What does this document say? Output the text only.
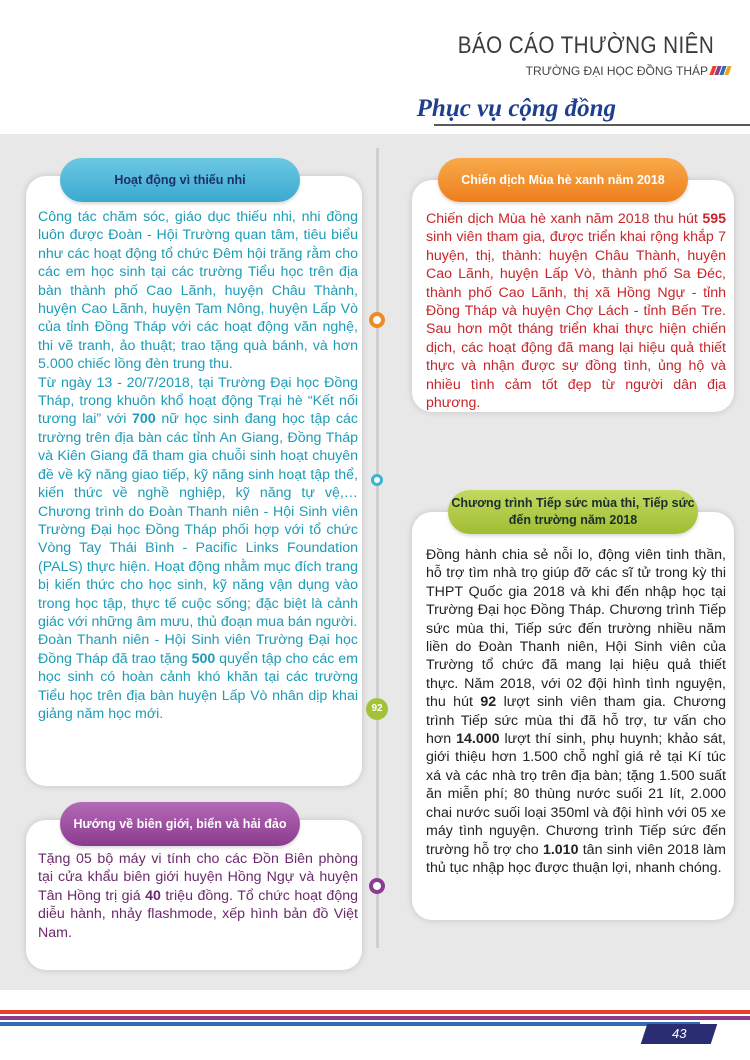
BÁO CÁO THƯỜNG NIÊN
TRƯỜNG ĐẠI HỌC ĐỒNG THÁP
Phục vụ cộng đồng
Hoạt động vì thiếu nhi

Công tác chăm sóc, giáo dục thiếu nhi, nhi đồng luôn được Đoàn - Hội Trường quan tâm, tiêu biểu như các hoạt động tổ chức Đêm hội trăng rằm cho các em học sinh tại các trường Tiểu học trên địa bàn thành phố Cao Lãnh, huyện Châu Thành, huyện Cao Lãnh, huyện Tam Nông, huyện Lấp Vò của tỉnh Đồng Tháp với các hoạt động văn nghệ, thi vẽ tranh, ảo thuật; trao tặng quà bánh, và hơn 5.000 chiếc lồng đèn trung thu.

Từ ngày 13 - 20/7/2018, tại Trường Đại học Đồng Tháp, trong khuôn khổ hoạt động Trại hè “Kết nối tương lai” với 700 nữ học sinh đang học tập các trường trên địa bàn các tỉnh An Giang, Đồng Tháp và Kiên Giang đã tham gia chuỗi sinh hoạt chuyên đề về kỹ năng giao tiếp, kỹ năng sinh hoạt tập thể, kiến thức về nghề nghiệp, kỹ năng tự vệ,… Chương trình do Đoàn Thanh niên - Hội Sinh viên Trường Đại học Đồng Tháp phối hợp với tổ chức Vòng Tay Thái Bình - Pacific Links Foundation (PALS) thực hiện. Hoạt động nhằm mục đích trang bị kiến thức cho học sinh, kỹ năng vận dụng vào trong học tập, thực tế cuộc sống; đặc biệt là cảnh giác với những âm mưu, thủ đoạn mua bán người.

Đoàn Thanh niên - Hội Sinh viên Trường Đại học Đồng Tháp đã trao tặng 500 quyển tập cho các em học sinh có hoàn cảnh khó khăn tại các trường Tiểu học trên địa bàn huyện Lấp Vò nhân dịp khai giảng năm học mới.

Hướng về biên giới, biển và hải đảo

Tặng 05 bộ máy vi tính cho các Đồn Biên phòng tại cửa khẩu biên giới huyện Hồng Ngự và huyện Tân Hồng trị giá 40 triệu đồng. Tổ chức hoạt động diễu hành, nhảy flashmode, xếp hình bản đồ Việt Nam.

Chiến dịch Mùa hè xanh năm 2018

Chiến dịch Mùa hè xanh năm 2018 thu hút 595 sinh viên tham gia, được triển khai rộng khắp 7 huyện, thị, thành: huyện Châu Thành, huyện Cao Lãnh, huyện Lấp Vò, thành phố Sa Đéc, thành phố Cao Lãnh, thị xã Hồng Ngự - tỉnh Đồng Tháp và huyện Chợ Lách - tỉnh Bến Tre. Sau hơn một tháng triển khai thực hiện chiến dịch, các hoạt động đã mang lại hiệu quả thiết thực và nhận được sự đồng tình, ủng hộ và nhiều tình cảm tốt đẹp từ người dân địa phương.

Chương trình Tiếp sức mùa thi, Tiếp sức
đến trường năm 2018

Đồng hành chia sẻ nỗi lo, động viên tinh thần, hỗ trợ tìm nhà trọ giúp đỡ các sĩ tử trong kỳ thi THPT Quốc gia 2018 và khi đến nhập học tại Trường Đại học Đồng Tháp. Chương trình Tiếp sức mùa thi, Tiếp sức đến trường nhiều năm liền do Đoàn Thanh niên, Hội Sinh viên của Trường tổ chức đã mang lại hiệu quả thiết thực. Năm 2018, với 02 đội hình tình nguyện, thu hút 92 lượt sinh viên tham gia. Chương trình Tiếp sức mùa thi đã hỗ trợ, tư vấn cho hơn 14.000 lượt thí sinh, phụ huynh; khảo sát, giới thiệu hơn 1.500 chỗ nghỉ giá rẻ tại Kí túc xá và các nhà trọ trên địa bàn; tặng 1.500 suất ăn miễn phí; 80 thùng nước suối 21 lít, 2.000 chai nước suối loại 350ml và đội hình với 05 xe máy tình nguyện. Chương trình Tiếp sức đến trường hỗ trợ cho 1.010 tân sinh viên 2018 làm thủ tục nhập học được thuận lợi, nhanh chóng.

92
43
